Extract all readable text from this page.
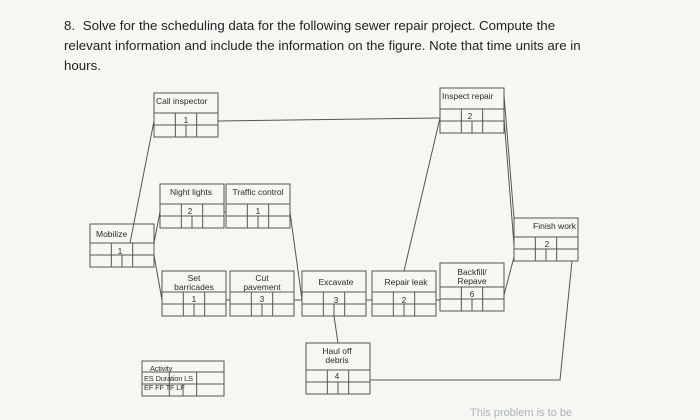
8. Solve for the scheduling data for the following sewer repair project. Compute the relevant information and include the information on the figure. Note that time units are in hours.
Call inspector
1
Inspect repair
2
Night lights
2
Traffic control
1
Mobilize
1
Finish work
2
Set
barricades
1
Cut
pavement
3
Excavate
3
Repair leak
2
Backfill/
Repave
6
Haul off
debris
4
Activity
ES Duration LS
EF FF TF LF
This problem is to be
